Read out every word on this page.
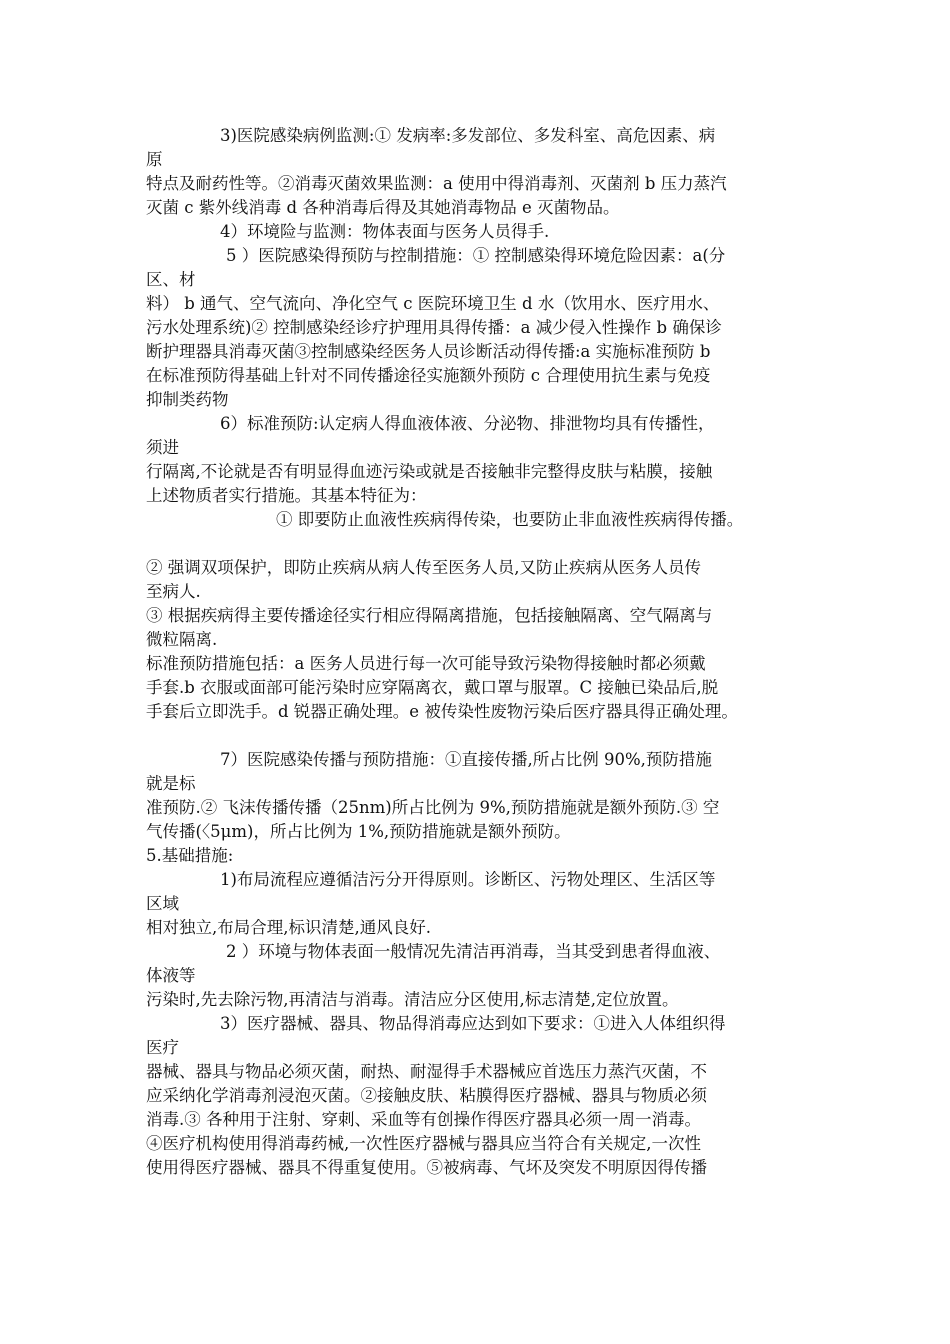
3)医院感染病例监测:① 发病率:多发部位、多发科室、高危因素、病
原
特点及耐药性等。②消毒灭菌效果监测：a 使用中得消毒剂、灭菌剂 b 压力蒸汽
灭菌 c 紫外线消毒 d 各种消毒后得及其她消毒物品 e 灭菌物品。
4）环境险与监测：物体表面与医务人员得手.
5 ）医院感染得预防与控制措施：① 控制感染得环境危险因素：a(分
区、材
料） b 通气、空气流向、净化空气 c 医院环境卫生 d 水（饮用水、医疗用水、
污水处理系统)② 控制感染经诊疗护理用具得传播：a 减少侵入性操作 b 确保诊
断护理器具消毒灭菌③控制感染经医务人员诊断活动得传播:a 实施标准预防 b
在标准预防得基础上针对不同传播途径实施额外预防 c 合理使用抗生素与免疫
抑制类药物
6）标准预防:认定病人得血液体液、分泌物、排泄物均具有传播性，
须进
行隔离,不论就是否有明显得血迹污染或就是否接触非完整得皮肤与粘膜，接触
上述物质者实行措施。其基本特征为：
① 即要防止血液性疾病得传染，也要防止非血液性疾病得传播。
② 强调双项保护，即防止疾病从病人传至医务人员,又防止疾病从医务人员传
至病人.
③ 根据疾病得主要传播途径实行相应得隔离措施，包括接触隔离、空气隔离与
微粒隔离.
标准预防措施包括：a 医务人员进行每一次可能导致污染物得接触时都必须戴
手套.b 衣服或面部可能污染时应穿隔离衣，戴口罩与服罩。C 接触已染品后,脱
手套后立即洗手。d 锐器正确处理。e 被传染性废物污染后医疗器具得正确处理。
7）医院感染传播与预防措施：①直接传播,所占比例 90%,预防措施
就是标
准预防.② 飞沫传播传播（25nm)所占比例为 9%,预防措施就是额外预防.③ 空
气传播(〈5μm)，所占比例为 1%,预防措施就是额外预防。
5.基础措施:
1)布局流程应遵循洁污分开得原则。诊断区、污物处理区、生活区等
区域
相对独立,布局合理,标识清楚,通风良好.
2 ）环境与物体表面一般情况先清洁再消毒，当其受到患者得血液、
体液等
污染时,先去除污物,再清洁与消毒。清洁应分区使用,标志清楚,定位放置。
3）医疗器械、器具、物品得消毒应达到如下要求：①进入人体组织得
医疗
器械、器具与物品必须灭菌，耐热、耐湿得手术器械应首选压力蒸汽灭菌，不
应采纳化学消毒剂浸泡灭菌。②接触皮肤、粘膜得医疗器械、器具与物质必须
消毒.③ 各种用于注射、穿刺、采血等有创操作得医疗器具必须一周一消毒。
④医疗机构使用得消毒药械,一次性医疗器械与器具应当符合有关规定,一次性
使用得医疗器械、器具不得重复使用。⑤被病毒、气坏及突发不明原因得传播
